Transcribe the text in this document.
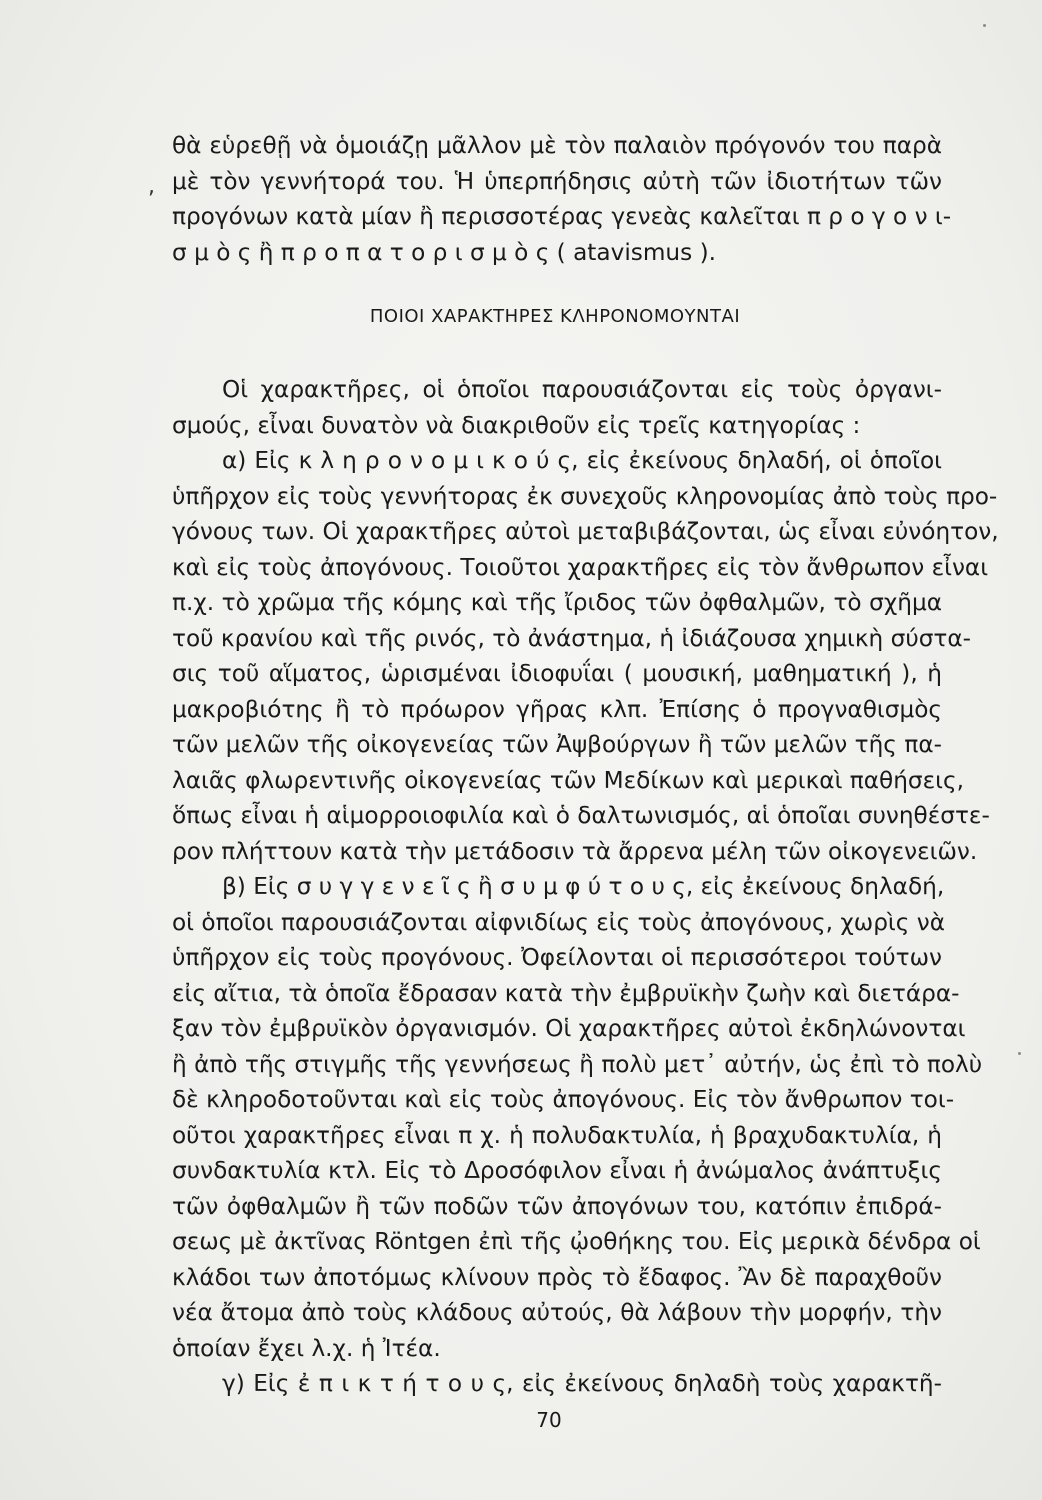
,
θὰ εὑρεθῇ νὰ ὁμοιάζῃ μᾶλλον μὲ τὸν παλαιὸν πρόγονόν του παρὰ
μὲ τὸν γεννήτορά του. Ἡ ὑπερπήδησις αὐτὴ τῶν ἰδιοτήτων τῶν
προγόνων κατὰ μίαν ἢ περισσοτέρας γενεὰς καλεῖται π ρ ο γ ο ν ι-
σ μ ὸ ς ἢ π ρ ο π α τ ο ρ ι σ μ ὸ ς ( atavismus ).
ΠΟΙΟΙ ΧΑΡΑΚΤΗΡΕΣ ΚΛΗΡΟΝΟΜΟΥΝΤΑΙ
Οἱ χαρακτῆρες, οἱ ὁποῖοι παρουσιάζονται εἰς τοὺς ὀργανι-
σμούς, εἶναι δυνατὸν νὰ διακριθοῦν εἰς τρεῖς κατηγορίας :
α) Εἰς κ λ η ρ ο ν ο μ ι κ ο ύ ς, εἰς ἐκείνους δηλαδή, οἱ ὁποῖοι
ὑπῆρχον εἰς τοὺς γεννήτορας ἐκ συνεχοῦς κληρονομίας ἀπὸ τοὺς προ-
γόνους των. Οἱ χαρακτῆρες αὐτοὶ μεταβιβάζονται, ὡς εἶναι εὐνόητον,
καὶ εἰς τοὺς ἀπογόνους. Τοιοῦτοι χαρακτῆρες εἰς τὸν ἄνθρωπον εἶναι
π.χ. τὸ χρῶμα τῆς κόμης καὶ τῆς ἴριδος τῶν ὀφθαλμῶν, τὸ σχῆμα
τοῦ κρανίου καὶ τῆς ρινός, τὸ ἀνάστημα, ἡ ἰδιάζουσα χημικὴ σύστα-
σις τοῦ αἵματος, ὡρισμέναι ἰδιοφυΐαι ( μουσική, μαθηματική ), ἡ
μακροβιότης ἢ τὸ πρόωρον γῆρας κλπ. Ἐπίσης ὁ προγναθισμὸς
τῶν μελῶν τῆς οἰκογενείας τῶν Ἀψβούργων ἢ τῶν μελῶν τῆς πα-
λαιᾶς φλωρεντινῆς οἰκογενείας τῶν Μεδίκων καὶ μερικαὶ παθήσεις,
ὅπως εἶναι ἡ αἱμορροιοφιλία καὶ ὁ δαλτωνισμός, αἱ ὁποῖαι συνηθέστε-
ρον πλήττουν κατὰ τὴν μετάδοσιν τὰ ἄρρενα μέλη τῶν οἰκογενειῶν.
β) Εἰς σ υ γ γ ε ν ε ῖ ς ἢ σ υ μ φ ύ τ ο υ ς, εἰς ἐκείνους δηλαδή,
οἱ ὁποῖοι παρουσιάζονται αἰφνιδίως εἰς τοὺς ἀπογόνους, χωρὶς νὰ
ὑπῆρχον εἰς τοὺς προγόνους. Ὀφείλονται οἱ περισσότεροι τούτων
εἰς αἴτια, τὰ ὁποῖα ἔδρασαν κατὰ τὴν ἐμβρυϊκὴν ζωὴν καὶ διετάρα-
ξαν τὸν ἐμβρυϊκὸν ὀργανισμόν. Οἱ χαρακτῆρες αὐτοὶ ἐκδηλώνονται
ἢ ἀπὸ τῆς στιγμῆς τῆς γεννήσεως ἢ πολὺ μετ᾽ αὐτήν, ὡς ἐπὶ τὸ πολὺ
δὲ κληροδοτοῦνται καὶ εἰς τοὺς ἀπογόνους. Εἰς τὸν ἄνθρωπον τοι-
οῦτοι χαρακτῆρες εἶναι π χ. ἡ πολυδακτυλία, ἡ βραχυδακτυλία, ἡ
συνδακτυλία κτλ. Εἰς τὸ Δροσόφιλον εἶναι ἡ ἀνώμαλος ἀνάπτυξις
τῶν ὀφθαλμῶν ἢ τῶν ποδῶν τῶν ἀπογόνων του, κατόπιν ἐπιδρά-
σεως μὲ ἀκτῖνας Röntgen ἐπὶ τῆς ᾠοθήκης του. Εἰς μερικὰ δένδρα οἱ
κλάδοι των ἀποτόμως κλίνουν πρὸς τὸ ἔδαφος. Ἂν δὲ παραχθοῦν
νέα ἄτομα ἀπὸ τοὺς κλάδους αὐτούς, θὰ λάβουν τὴν μορφήν, τὴν
ὁποίαν ἔχει λ.χ. ἡ Ἰτέα.
γ) Εἰς ἐ π ι κ τ ή τ ο υ ς, εἰς ἐκείνους δηλαδὴ τοὺς χαρακτῆ-
70
